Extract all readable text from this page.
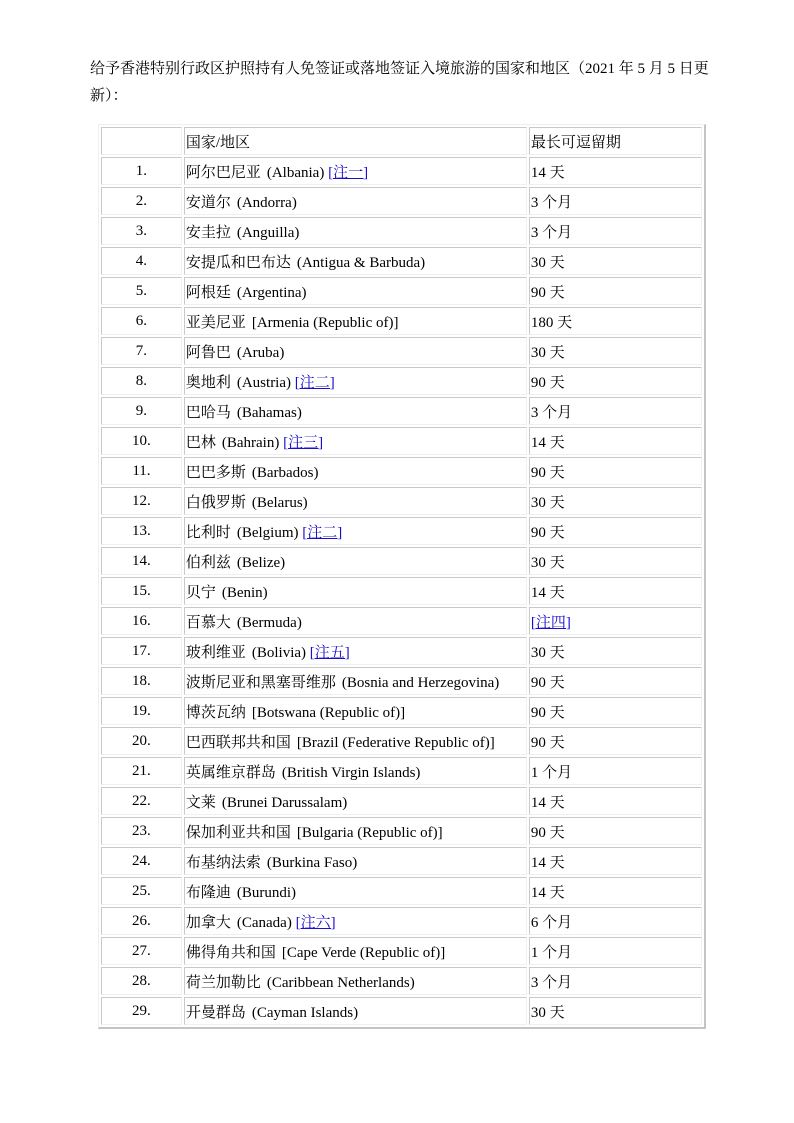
给予香港特别行政区护照持有人免签证或落地签证入境旅游的国家和地区（2021 年 5 月 5 日更新）：
	国家/地区	最长可逗留期
1.	阿尔巴尼亚 (Albania) [注一]	14 天
2.	安道尔 (Andorra)	3 个月
3.	安圭拉 (Anguilla)	3 个月
4.	安提瓜和巴布达 (Antigua & Barbuda)	30 天
5.	阿根廷 (Argentina)	90 天
6.	亚美尼亚 [Armenia (Republic of)]	180 天
7.	阿鲁巴 (Aruba)	30 天
8.	奥地利 (Austria) [注二]	90 天
9.	巴哈马 (Bahamas)	3 个月
10.	巴林 (Bahrain) [注三]	14 天
11.	巴巴多斯 (Barbados)	90 天
12.	白俄罗斯 (Belarus)	30 天
13.	比利时 (Belgium) [注二]	90 天
14.	伯利兹 (Belize)	30 天
15.	贝宁 (Benin)	14 天
16.	百慕大 (Bermuda)	[注四]
17.	玻利维亚 (Bolivia) [注五]	30 天
18.	波斯尼亚和黑塞哥维那 (Bosnia and Herzegovina)	90 天
19.	博茨瓦纳 [Botswana (Republic of)]	90 天
20.	巴西联邦共和国 [Brazil (Federative Republic of)]	90 天
21.	英属维京群岛 (British Virgin Islands)	1 个月
22.	文莱 (Brunei Darussalam)	14 天
23.	保加利亚共和国 [Bulgaria (Republic of)]	90 天
24.	布基纳法索 (Burkina Faso)	14 天
25.	布隆迪 (Burundi)	14 天
26.	加拿大 (Canada) [注六]	6 个月
27.	佛得角共和国 [Cape Verde (Republic of)]	1 个月
28.	荷兰加勒比 (Caribbean Netherlands)	3 个月
29.	开曼群岛 (Cayman Islands)	30 天
